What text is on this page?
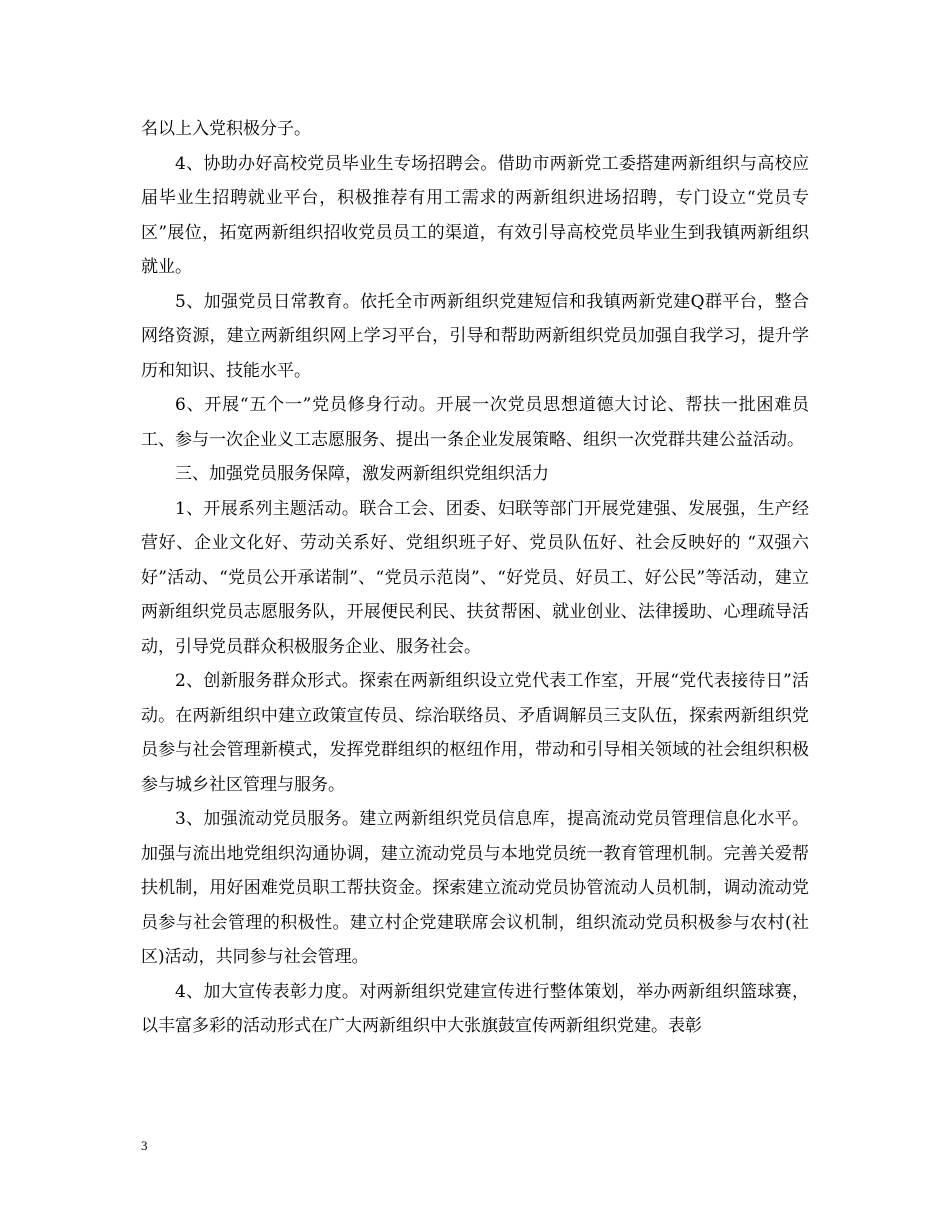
名以上入党积极分子。

4、协助办好高校党员毕业生专场招聘会。借助市两新党工委搭建两新组织与高校应届毕业生招聘就业平台，积极推荐有用工需求的两新组织进场招聘，专门设立“党员专区”展位，拓宽两新组织招收党员员工的渠道，有效引导高校党员毕业生到我镇两新组织就业。

5、加强党员日常教育。依托全市两新组织党建短信和我镇两新党建Q群平台，整合网络资源，建立两新组织网上学习平台，引导和帮助两新组织党员加强自我学习，提升学历和知识、技能水平。

6、开展“五个一”党员修身行动。开展一次党员思想道德大讨论、帮扶一批困难员工、参与一次企业义工志愿服务、提出一条企业发展策略、组织一次党群共建公益活动。

三、加强党员服务保障，激发两新组织党组织活力

1、开展系列主题活动。联合工会、团委、妇联等部门开展党建强、发展强，生产经营好、企业文化好、劳动关系好、党组织班子好、党员队伍好、社会反映好的 “双强六好”活动、“党员公开承诺制”、“党员示范岗”、“好党员、好员工、好公民”等活动，建立两新组织党员志愿服务队，开展便民利民、扶贫帮困、就业创业、法律援助、心理疏导活动，引导党员群众积极服务企业、服务社会。

2、创新服务群众形式。探索在两新组织设立党代表工作室，开展“党代表接待日”活动。在两新组织中建立政策宣传员、综治联络员、矛盾调解员三支队伍，探索两新组织党员参与社会管理新模式，发挥党群组织的枢纽作用，带动和引导相关领域的社会组织积极参与城乡社区管理与服务。

3、加强流动党员服务。建立两新组织党员信息库，提高流动党员管理信息化水平。加强与流出地党组织沟通协调，建立流动党员与本地党员统一教育管理机制。完善关爱帮扶机制，用好困难党员职工帮扶资金。探索建立流动党员协管流动人员机制，调动流动党员参与社会管理的积极性。建立村企党建联席会议机制，组织流动党员积极参与农村(社区)活动，共同参与社会管理。

4、加大宣传表彰力度。对两新组织党建宣传进行整体策划，举办两新组织篮球赛，以丰富多彩的活动形式在广大两新组织中大张旗鼓宣传两新组织党建。表彰

3
